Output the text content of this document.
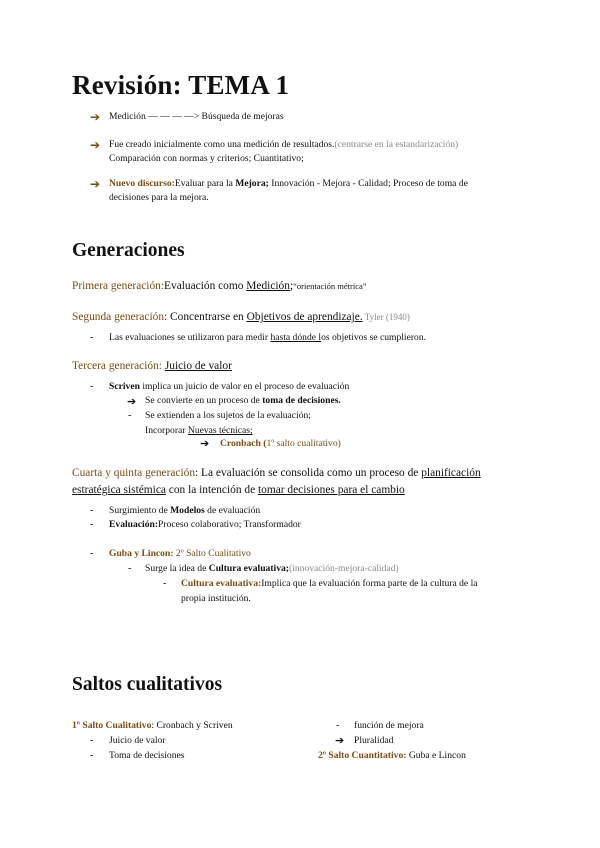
Revisión: TEMA 1
➔ Medición — — — —> Búsqueda de mejoras
➔ Fue creado inicialmente como una medición de resultados.(centrarse en la estandarización)
Comparación con normas y criterios; Cuantitativo;
➔ Nuevo discurso:Evaluar para la Mejora; Innovación - Mejora - Calidad; Proceso de toma de
decisiones para la mejora.
Generaciones
Primera generación:Evaluación como Medición;“orientación métrica”
Segunda generación: Concentrarse en Objetivos de aprendizaje. Tyler (1940)
- Las evaluaciones se utilizaron para medir hasta dónde los objetivos se cumplieron.
Tercera generación: Juicio de valor
- Scriven implica un juicio de valor en el proceso de evaluación
➔ Se convierte en un proceso de toma de decisiones.
- Se extienden a los sujetos de la evaluación;
Incorporar Nuevas técnicas;
➔ Cronbach (1º salto cualitativo)
Cuarta y quinta generación: La evaluación se consolida como un proceso de planificación
estratégica sistémica con la intención de tomar decisiones para el cambio
- Surgimiento de Modelos de evaluación
- Evaluación:Proceso colaborativo; Transformador
- Guba y Lincon: 2º Salto Cualitativo
- Surge la idea de Cultura evaluativa;(innovación-mejora-calidad)
- Cultura evaluativa:Implica que la evaluación forma parte de la cultura de la
propia institución.
Saltos cualitativos
1º Salto Cualitativo: Cronbach y Scriven
- Juicio de valor
- Toma de decisiones
- función de mejora
➔ Pluralidad
2º Salto Cuantitativo: Guba e Lincon
